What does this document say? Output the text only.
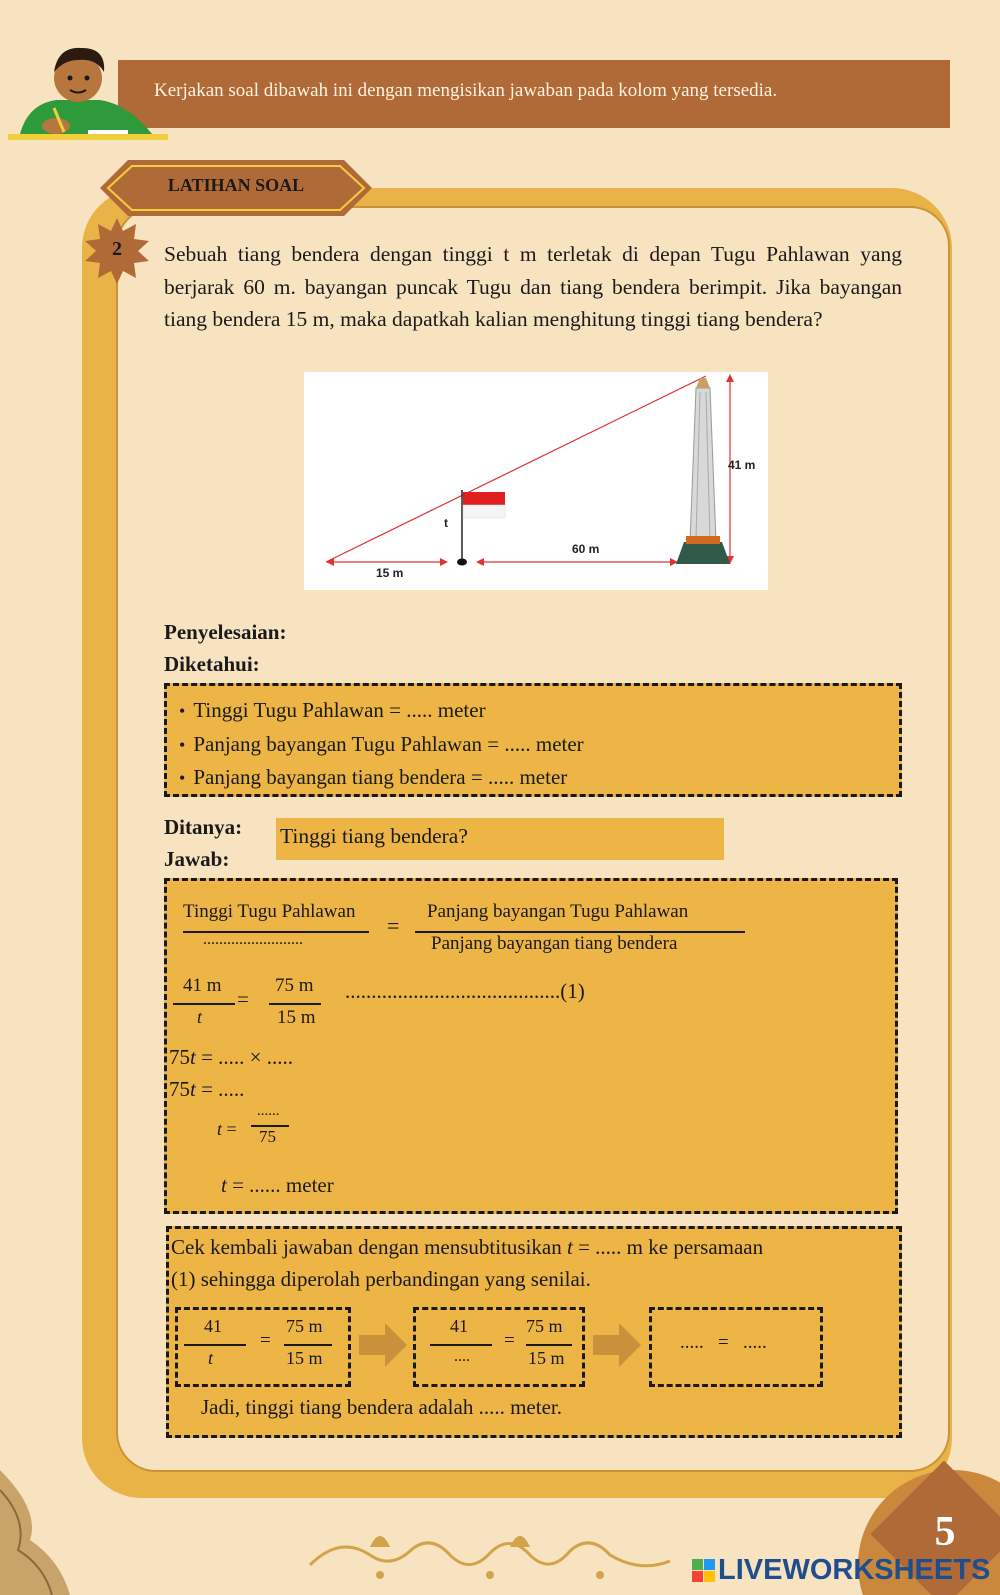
Kerjakan soal dibawah ini dengan mengisikan jawaban pada kolom yang tersedia.
LATIHAN SOAL
2	Sebuah tiang bendera dengan tinggi t m terletak di depan Tugu Pahlawan yang berjarak 60 m. bayangan puncak Tugu dan tiang bendera berimpit. Jika bayangan tiang bendera 15 m, maka dapatkah kalian menghitung tinggi tiang bendera?
41 m
t
60 m
15 m
Penyelesaian:
Diketahui:
• Tinggi Tugu Pahlawan = ..... meter
• Panjang bayangan Tugu Pahlawan = ..... meter
• Panjang bayangan tiang bendera = ..... meter
Ditanya: Tinggi tiang bendera?
Jawab:
Tinggi Tugu Pahlawan
.........................
=
Panjang bayangan Tugu Pahlawan
Panjang bayangan tiang bendera
41 m
t
=
75 m
15 m
.........................................(1)
75t = ..... × .....
75t = .....
t =
......
75
t = ...... meter
Cek kembali jawaban dengan mensubtitusikan t = ..... m ke persamaan
(1) sehingga diperolah perbandingan yang senilai.
41
t
=
75 m
15 m
41
....
=
75 m
15 m
.....   =   .....
Jadi, tinggi tiang bendera adalah ..... meter.
5
LIVEWORKSHEETS
